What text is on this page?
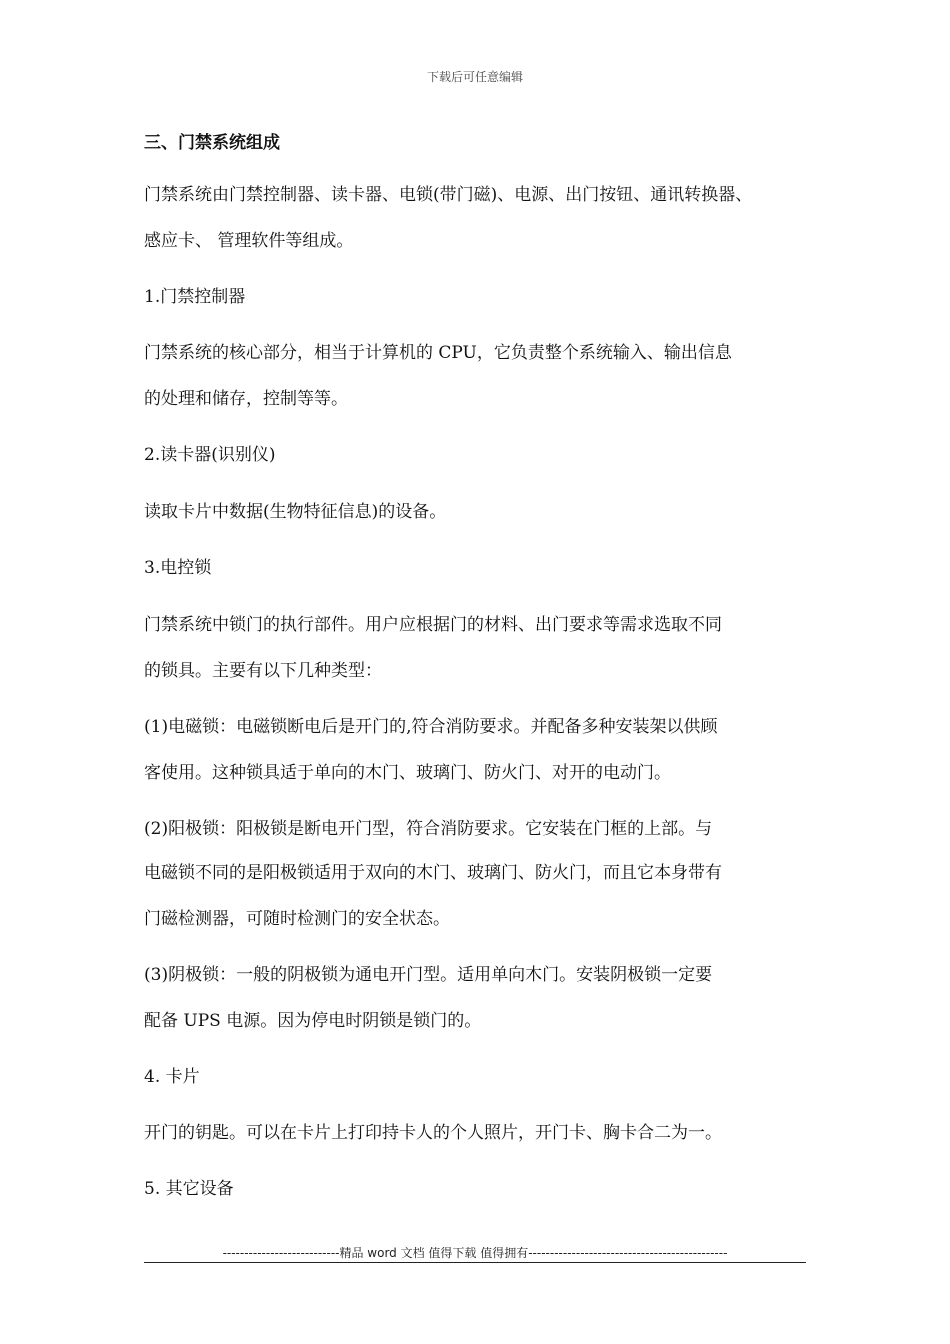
下载后可任意编辑
三、门禁系统组成
门禁系统由门禁控制器、读卡器、电锁(带门磁)、电源、出门按钮、通讯转换器、
感应卡、 管理软件等组成。
1.门禁控制器
门禁系统的核心部分，相当于计算机的 CPU，它负责整个系统输入、输出信息
的处理和储存，控制等等。
2.读卡器(识别仪)
读取卡片中数据(生物特征信息)的设备。
3.电控锁
门禁系统中锁门的执行部件。用户应根据门的材料、出门要求等需求选取不同
的锁具。主要有以下几种类型：
(1)电磁锁：电磁锁断电后是开门的,符合消防要求。并配备多种安装架以供顾
客使用。这种锁具适于单向的木门、玻璃门、防火门、对开的电动门。
(2)阳极锁：阳极锁是断电开门型，符合消防要求。它安装在门框的上部。与
电磁锁不同的是阳极锁适用于双向的木门、玻璃门、防火门，而且它本身带有
门磁检测器，可随时检测门的安全状态。
(3)阴极锁：一般的阴极锁为通电开门型。适用单向木门。安装阴极锁一定要
配备 UPS 电源。因为停电时阴锁是锁门的。
4. 卡片
开门的钥匙。可以在卡片上打印持卡人的个人照片，开门卡、胸卡合二为一。
5. 其它设备
---------------------------精品 word 文档 值得下载 值得拥有----------------------------------------------
